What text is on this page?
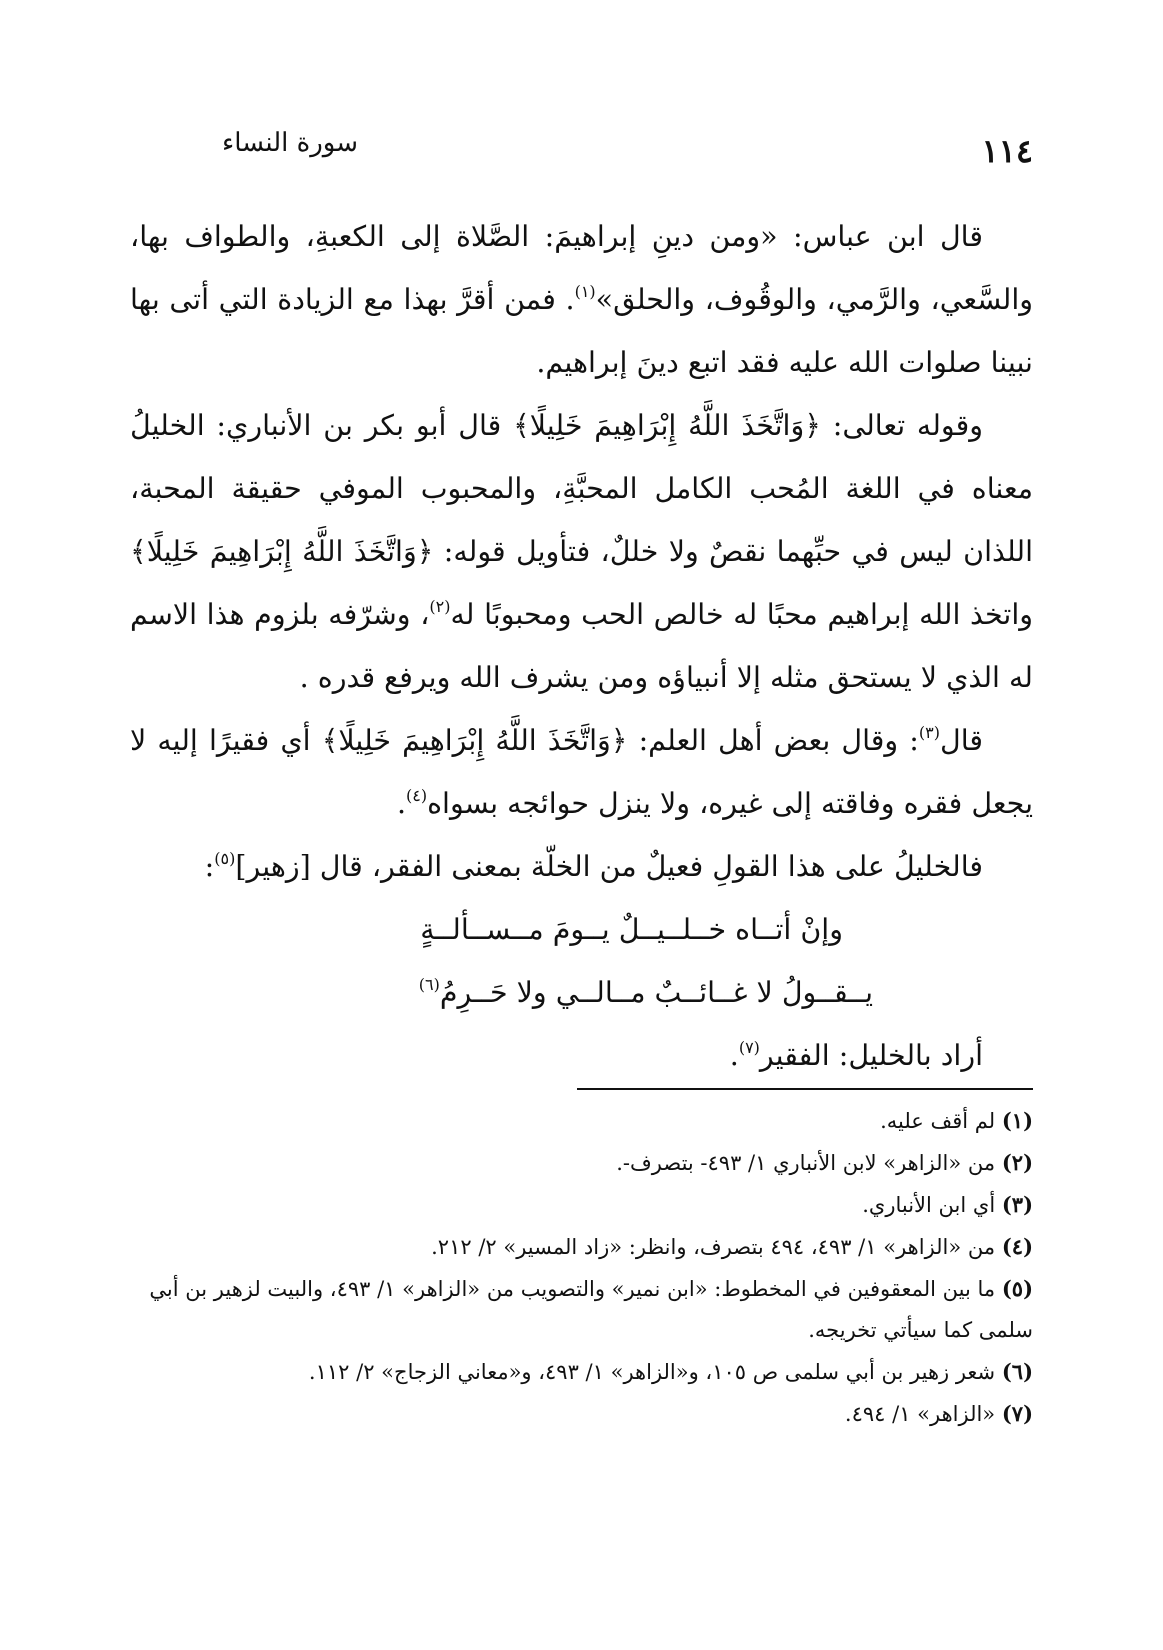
١١٤
سورة النساء

قال ابن عباس: «ومن دينِ إبراهيمَ: الصَّلاة إلى الكعبةِ، والطواف بها، والسَّعي، والرَّمي، والوقُوف، والحلق»$^{(١)}$. فمن أقرَّ بهذا مع الزيادة التي أتى بها نبينا صلوات الله عليه فقد اتبع دينَ إبراهيم.

وقوله تعالى: ﴿وَاتَّخَذَ اللَّهُ إِبْرَاهِيمَ خَلِيلًا﴾ قال أبو بكر بن الأنباري: الخليلُ معناه في اللغة المُحب الكامل المحبَّةِ، والمحبوب الموفي حقيقة المحبة، اللذان ليس في حبِّهما نقصٌ ولا خللٌ، فتأويل قوله: ﴿وَاتَّخَذَ اللَّهُ إِبْرَاهِيمَ خَلِيلًا﴾ واتخذ الله إبراهيم محبًا له خالص الحب ومحبوبًا له$^{(٢)}$، وشرّفه بلزوم هذا الاسم له الذي لا يستحق مثله إلا أنبياؤه ومن يشرف الله ويرفع قدره .

قال$^{(٣)}$: وقال بعض أهل العلم: ﴿وَاتَّخَذَ اللَّهُ إِبْرَاهِيمَ خَلِيلًا﴾ أي فقيرًا إليه لا يجعل فقره وفاقته إلى غيره، ولا ينزل حوائجه بسواه$^{(٤)}$.

فالخليلُ على هذا القولِ فعيلٌ من الخلّة بمعنى الفقر، قال [زهير]$^{(٥)}$:

وإنْ أتــاه خــلــيــلٌ يــومَ مــســألــةٍ

يــقــولُ لا غــائــبٌ مــالــي ولا حَــرِمُ$^{(٦)}$

أراد بالخليل: الفقير$^{(٧)}$.

(١) لم أقف عليه.

(٢) من «الزاهر» لابن الأنباري ١/ ٤٩٣- بتصرف-.

(٣) أي ابن الأنباري.

(٤) من «الزاهر» ١/ ٤٩٣، ٤٩٤ بتصرف، وانظر: «زاد المسير» ٢/ ٢١٢.

(٥) ما بين المعقوفين في المخطوط: «ابن نمير» والتصويب من «الزاهر» ١/ ٤٩٣، والبيت لزهير بن أبي سلمى كما سيأتي تخريجه.

(٦) شعر زهير بن أبي سلمى ص ١٠٥، و«الزاهر» ١/ ٤٩٣، و«معاني الزجاج» ٢/ ١١٢.

(٧) «الزاهر» ١/ ٤٩٤.
